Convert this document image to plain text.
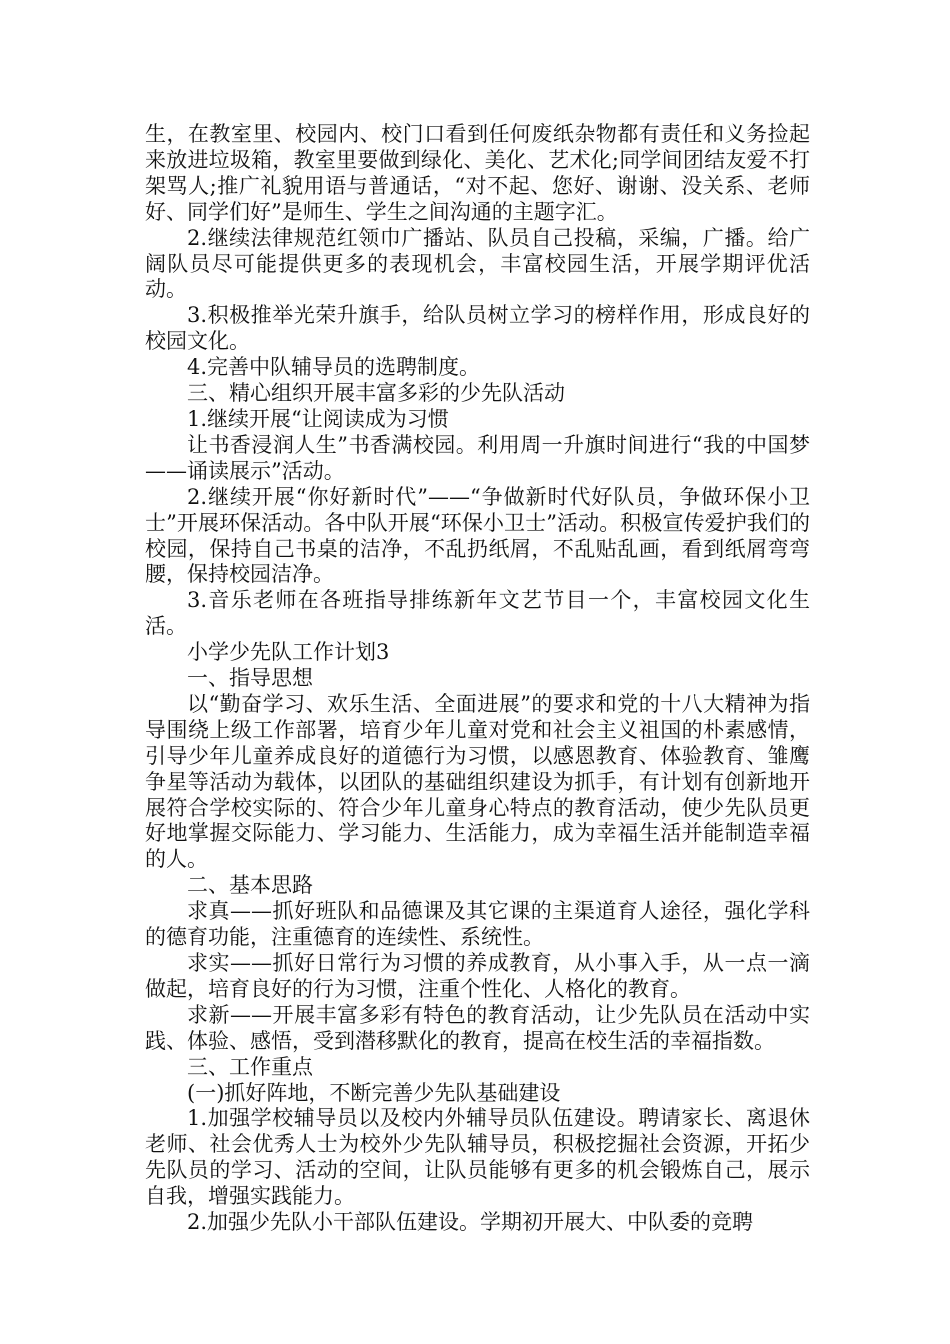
生，在教室里、校园内、校门口看到任何废纸杂物都有责任和义务捡起来放进垃圾箱，教室里要做到绿化、美化、艺术化;同学间团结友爱不打架骂人;推广礼貌用语与普通话，“对不起、您好、谢谢、没关系、老师好、同学们好”是师生、学生之间沟通的主题字汇。

2.继续法律规范红领巾广播站、队员自己投稿，采编，广播。给广阔队员尽可能提供更多的表现机会，丰富校园生活，开展学期评优活动。

3.积极推举光荣升旗手，给队员树立学习的榜样作用，形成良好的校园文化。

4.完善中队辅导员的选聘制度。

三、精心组织开展丰富多彩的少先队活动

1.继续开展“让阅读成为习惯

让书香浸润人生”书香满校园。利用周一升旗时间进行“我的中国梦——诵读展示”活动。

2.继续开展“你好新时代”——“争做新时代好队员，争做环保小卫士”开展环保活动。各中队开展“环保小卫士”活动。积极宣传爱护我们的校园，保持自己书桌的洁净，不乱扔纸屑，不乱贴乱画，看到纸屑弯弯腰，保持校园洁净。

3.音乐老师在各班指导排练新年文艺节目一个，丰富校园文化生活。

小学少先队工作计划3

一、指导思想

以“勤奋学习、欢乐生活、全面进展”的要求和党的十八大精神为指导围绕上级工作部署，培育少年儿童对党和社会主义祖国的朴素感情，引导少年儿童养成良好的道德行为习惯，以感恩教育、体验教育、雏鹰争星等活动为载体，以团队的基础组织建设为抓手，有计划有创新地开展符合学校实际的、符合少年儿童身心特点的教育活动，使少先队员更好地掌握交际能力、学习能力、生活能力，成为幸福生活并能制造幸福的人。

二、基本思路

求真——抓好班队和品德课及其它课的主渠道育人途径，强化学科的德育功能，注重德育的连续性、系统性。

求实——抓好日常行为习惯的养成教育，从小事入手，从一点一滴做起，培育良好的行为习惯，注重个性化、人格化的教育。

求新——开展丰富多彩有特色的教育活动，让少先队员在活动中实践、体验、感悟，受到潜移默化的教育，提高在校生活的幸福指数。

三、工作重点

(一)抓好阵地，不断完善少先队基础建设

1.加强学校辅导员以及校内外辅导员队伍建设。聘请家长、离退休老师、社会优秀人士为校外少先队辅导员，积极挖掘社会资源，开拓少先队员的学习、活动的空间，让队员能够有更多的机会锻炼自己，展示自我，增强实践能力。

2.加强少先队小干部队伍建设。学期初开展大、中队委的竞聘
